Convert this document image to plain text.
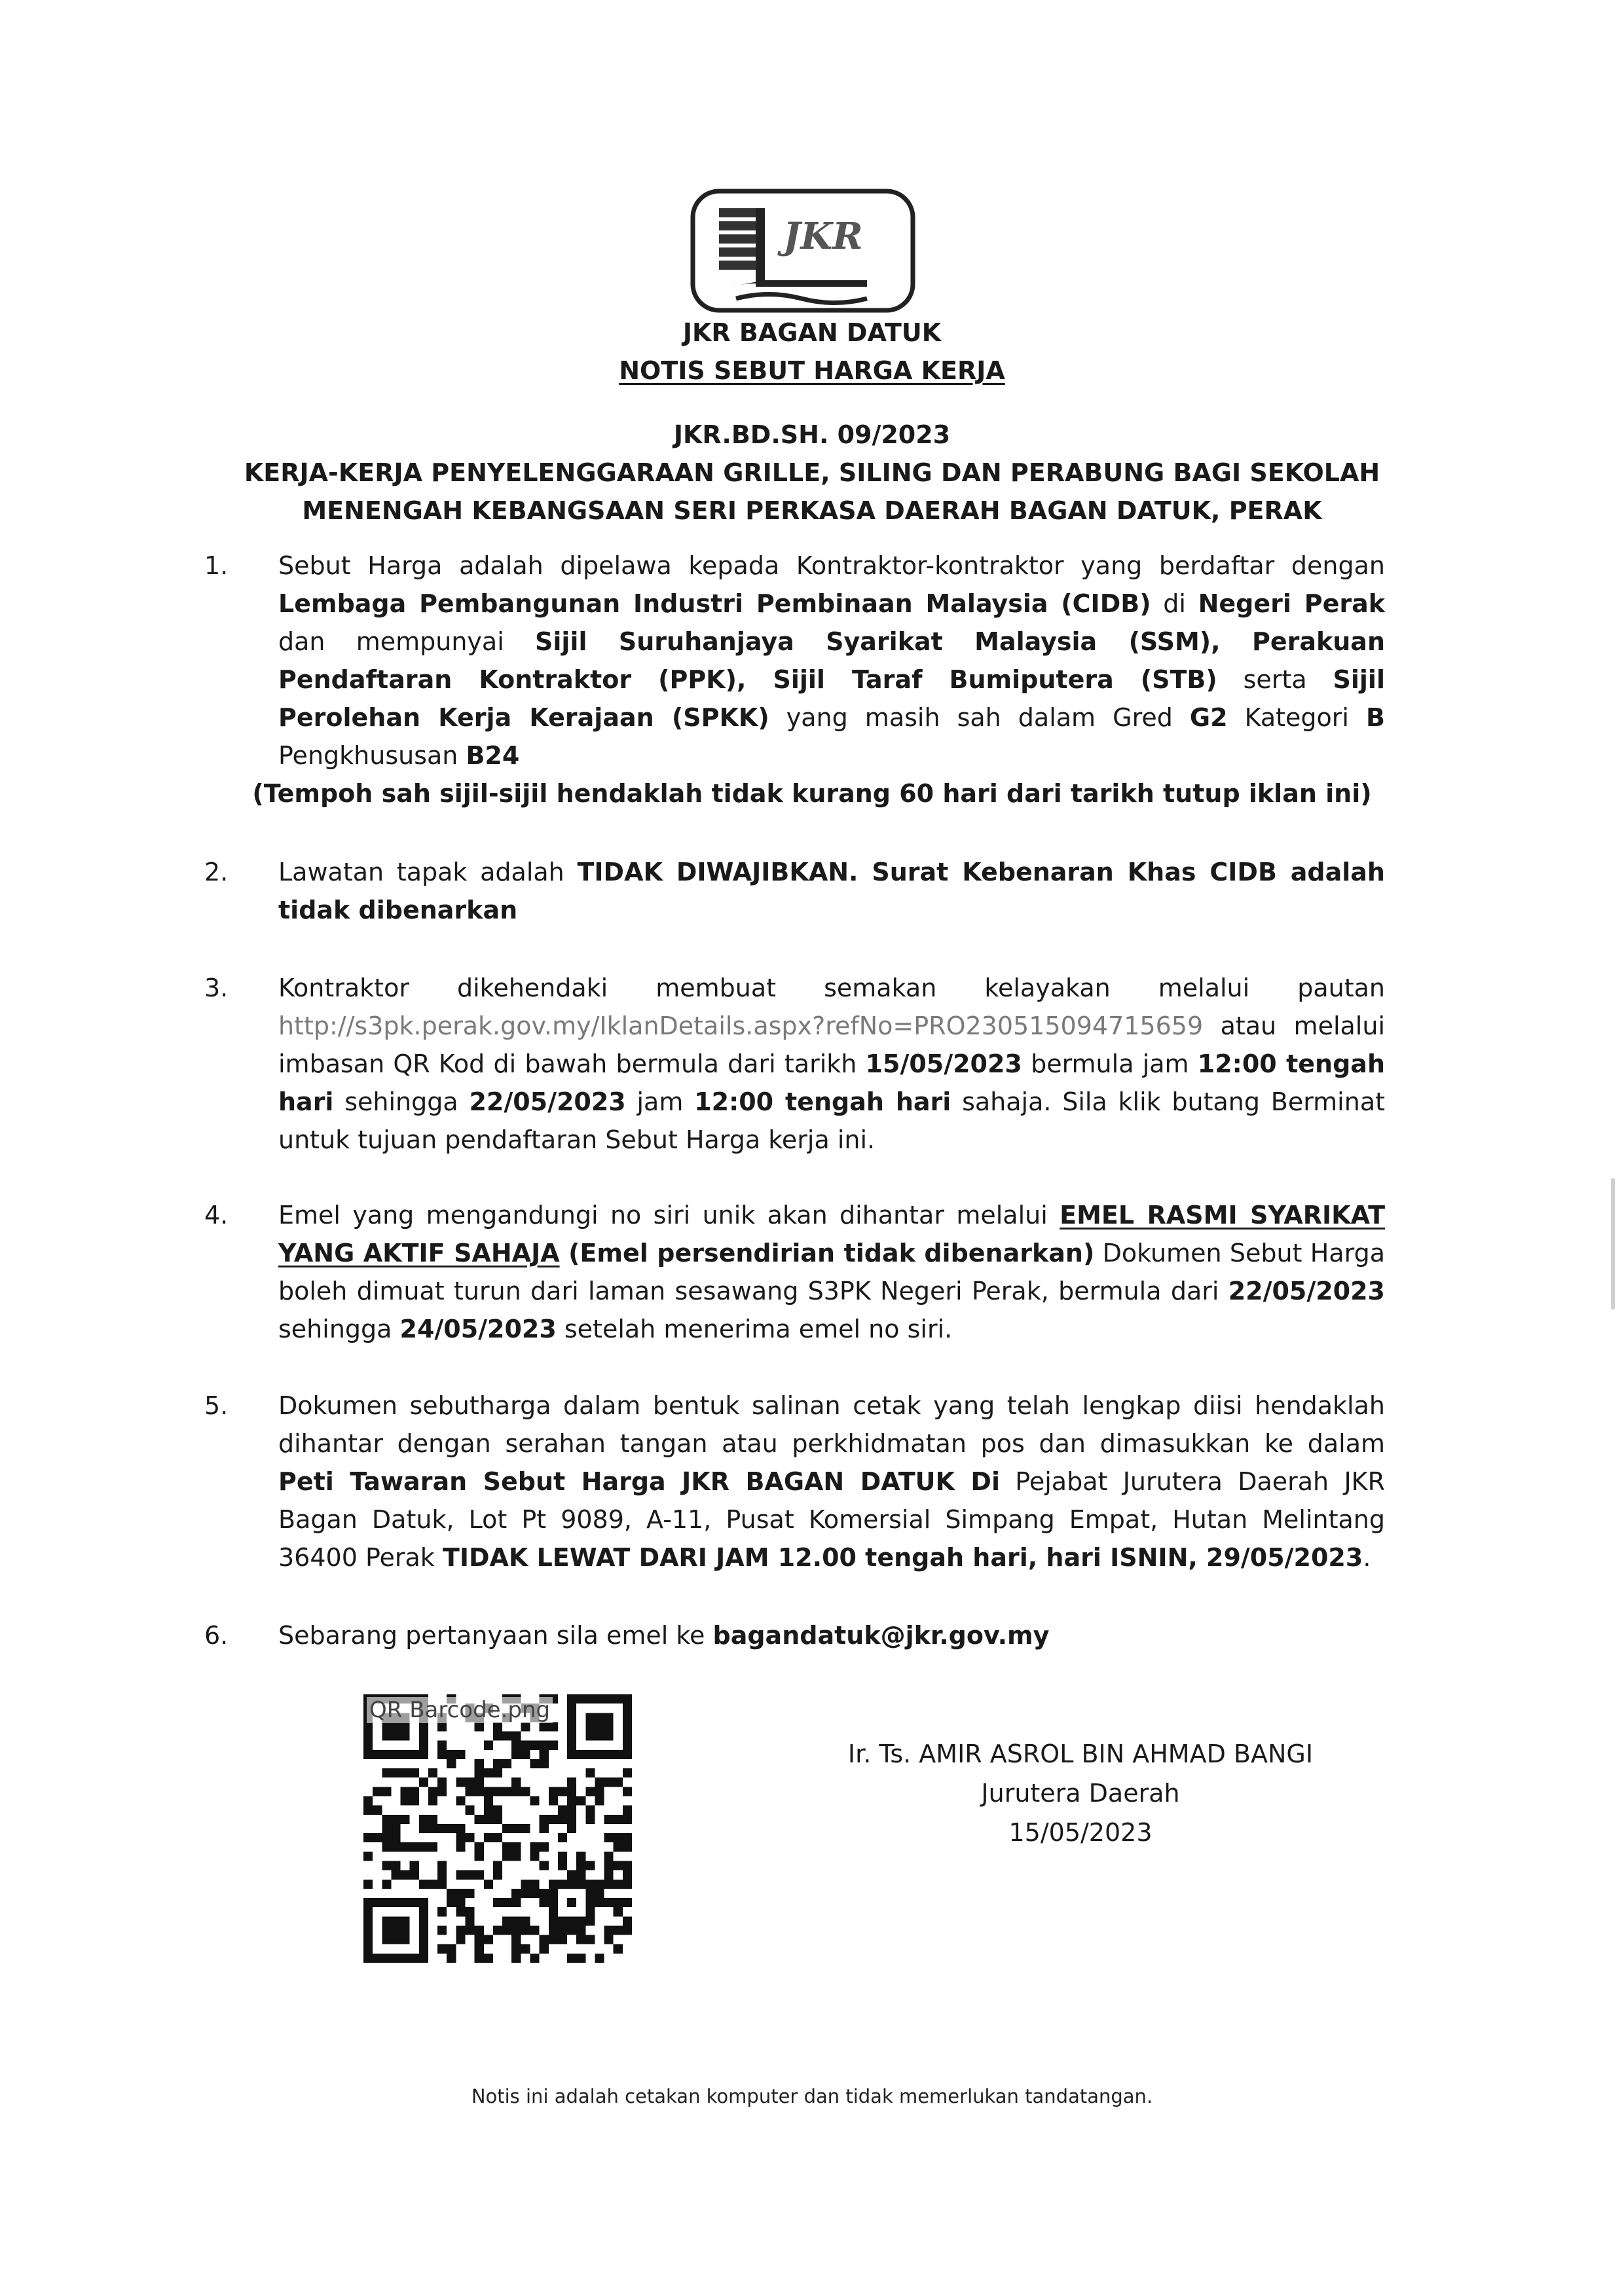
JKR
JKR BAGAN DATUK
NOTIS SEBUT HARGA KERJA
JKR.BD.SH. 09/2023
KERJA-KERJA PENYELENGGARAAN GRILLE, SILING DAN PERABUNG BAGI SEKOLAH
MENENGAH KEBANGSAAN SERI PERKASA DAERAH BAGAN DATUK, PERAK
1. Sebut Harga adalah dipelawa kepada Kontraktor-kontraktor yang berdaftar dengan Lembaga Pembangunan Industri Pembinaan Malaysia (CIDB) di Negeri Perak dan mempunyai Sijil Suruhanjaya Syarikat Malaysia (SSM), Perakuan Pendaftaran Kontraktor (PPK), Sijil Taraf Bumiputera (STB) serta Sijil Perolehan Kerja Kerajaan (SPKK) yang masih sah dalam Gred G2 Kategori B Pengkhususan B24
(Tempoh sah sijil-sijil hendaklah tidak kurang 60 hari dari tarikh tutup iklan ini)
2. Lawatan tapak adalah TIDAK DIWAJIBKAN. Surat Kebenaran Khas CIDB adalah tidak dibenarkan
3. Kontraktor dikehendaki membuat semakan kelayakan melalui pautan http://s3pk.perak.gov.my/IklanDetails.aspx?refNo=PRO230515094715659 atau melalui imbasan QR Kod di bawah bermula dari tarikh 15/05/2023 bermula jam 12:00 tengah hari sehingga 22/05/2023 jam 12:00 tengah hari sahaja. Sila klik butang Berminat untuk tujuan pendaftaran Sebut Harga kerja ini.
4. Emel yang mengandungi no siri unik akan dihantar melalui EMEL RASMI SYARIKAT YANG AKTIF SAHAJA (Emel persendirian tidak dibenarkan) Dokumen Sebut Harga boleh dimuat turun dari laman sesawang S3PK Negeri Perak, bermula dari 22/05/2023 sehingga 24/05/2023 setelah menerima emel no siri.
5. Dokumen sebutharga dalam bentuk salinan cetak yang telah lengkap diisi hendaklah dihantar dengan serahan tangan atau perkhidmatan pos dan dimasukkan ke dalam Peti Tawaran Sebut Harga JKR BAGAN DATUK Di Pejabat Jurutera Daerah JKR Bagan Datuk, Lot Pt 9089, A-11, Pusat Komersial Simpang Empat, Hutan Melintang 36400 Perak TIDAK LEWAT DARI JAM 12.00 tengah hari, hari ISNIN, 29/05/2023.
6. Sebarang pertanyaan sila emel ke bagandatuk@jkr.gov.my
QR Barcode.png
Ir. Ts. AMIR ASROL BIN AHMAD BANGI
Jurutera Daerah
15/05/2023
Notis ini adalah cetakan komputer dan tidak memerlukan tandatangan.
